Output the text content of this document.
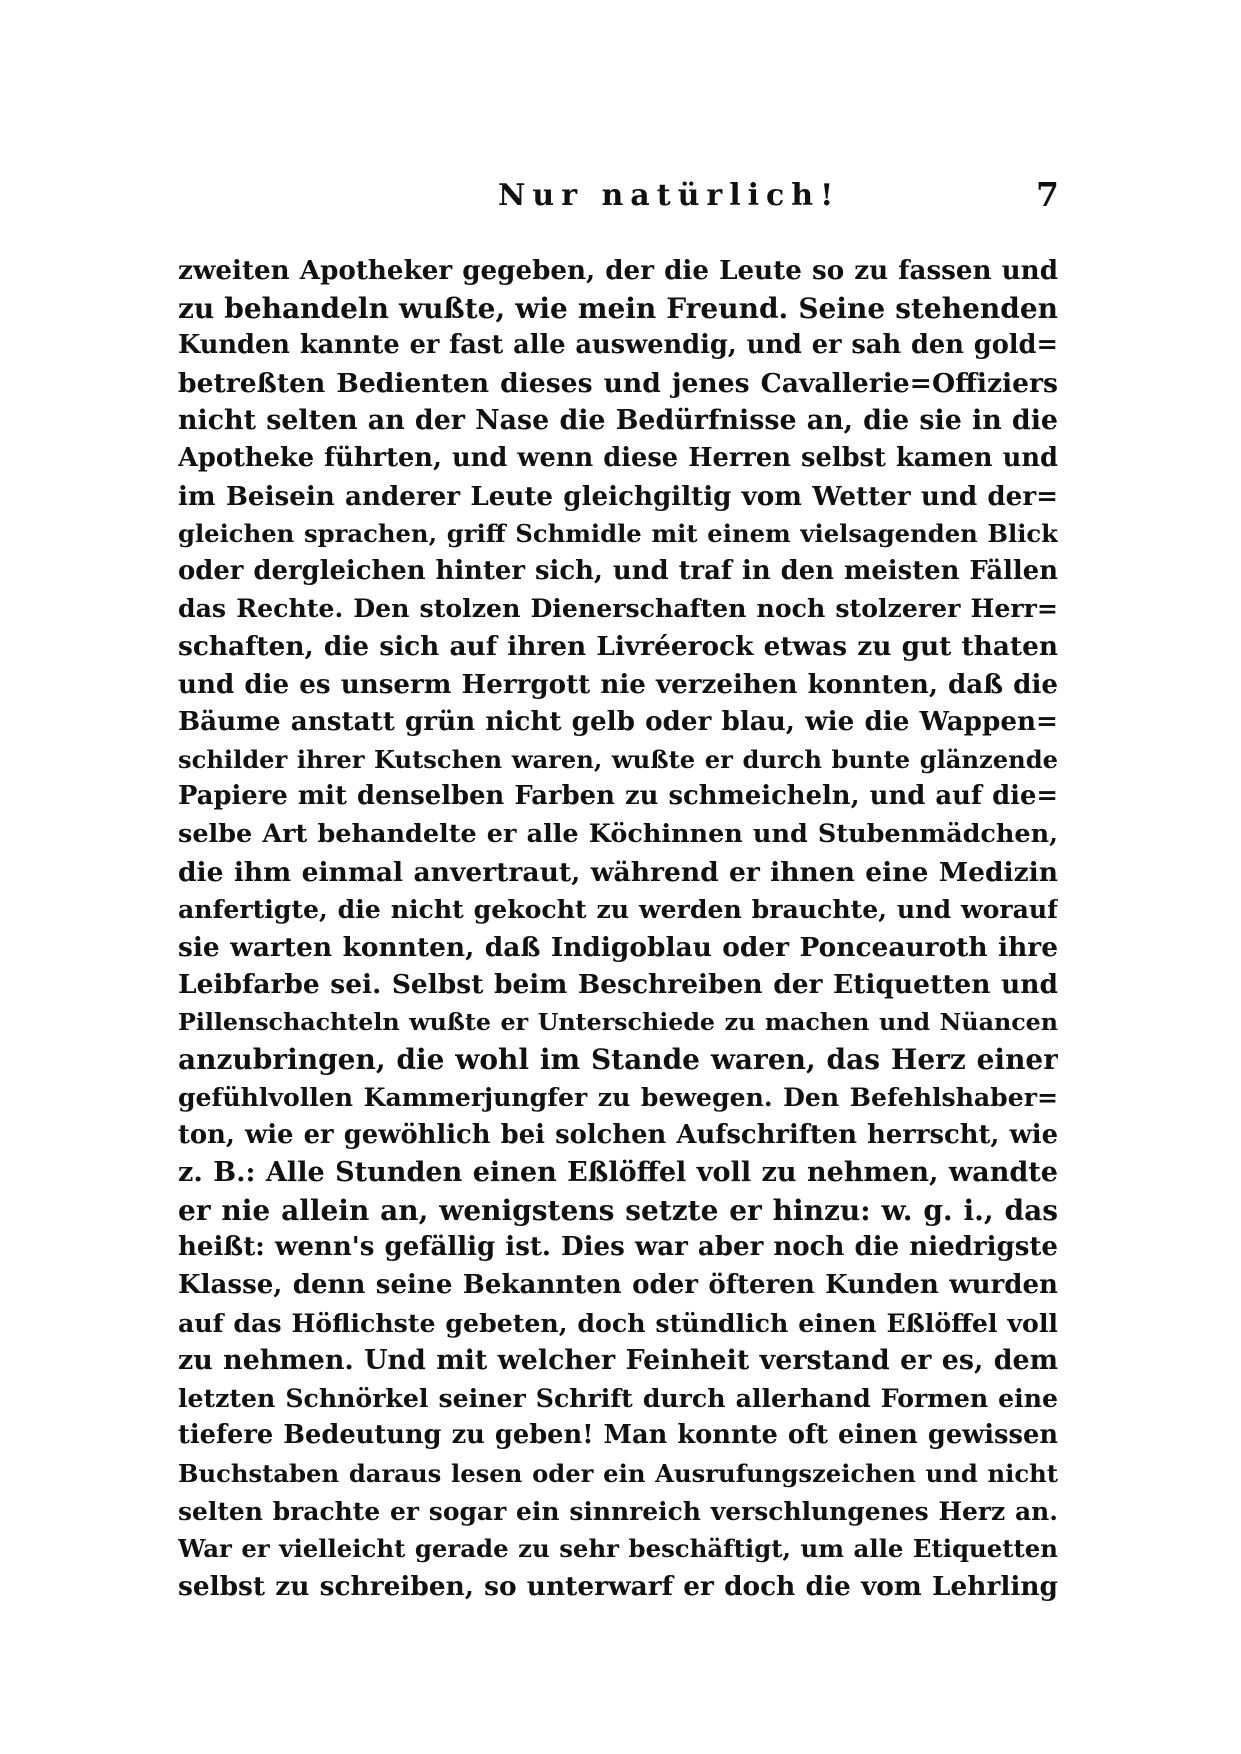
Nur natürlich!	7
zweiten Apotheker gegeben, der die Leute so zu fassen und
zu behandeln wußte, wie mein Freund. Seine stehenden
Kunden kannte er fast alle auswendig, und er sah den gold=
betreßten Bedienten dieses und jenes Cavallerie=Offiziers
nicht selten an der Nase die Bedürfnisse an, die sie in die
Apotheke führten, und wenn diese Herren selbst kamen und
im Beisein anderer Leute gleichgiltig vom Wetter und der=
gleichen sprachen, griff Schmidle mit einem vielsagenden Blick
oder dergleichen hinter sich, und traf in den meisten Fällen
das Rechte. Den stolzen Dienerschaften noch stolzerer Herr=
schaften, die sich auf ihren Livréerock etwas zu gut thaten
und die es unserm Herrgott nie verzeihen konnten, daß die
Bäume anstatt grün nicht gelb oder blau, wie die Wappen=
schilder ihrer Kutschen waren, wußte er durch bunte glänzende
Papiere mit denselben Farben zu schmeicheln, und auf die=
selbe Art behandelte er alle Köchinnen und Stubenmädchen,
die ihm einmal anvertraut, während er ihnen eine Medizin
anfertigte, die nicht gekocht zu werden brauchte, und worauf
sie warten konnten, daß Indigoblau oder Ponceauroth ihre
Leibfarbe sei. Selbst beim Beschreiben der Etiquetten und
Pillenschachteln wußte er Unterschiede zu machen und Nüancen
anzubringen, die wohl im Stande waren, das Herz einer
gefühlvollen Kammerjungfer zu bewegen. Den Befehlshaber=
ton, wie er gewöhlich bei solchen Aufschriften herrscht, wie
z. B.: Alle Stunden einen Eßlöffel voll zu nehmen, wandte
er nie allein an, wenigstens setzte er hinzu: w. g. i., das
heißt: wenn's gefällig ist. Dies war aber noch die niedrigste
Klasse, denn seine Bekannten oder öfteren Kunden wurden
auf das Höflichste gebeten, doch stündlich einen Eßlöffel voll
zu nehmen. Und mit welcher Feinheit verstand er es, dem
letzten Schnörkel seiner Schrift durch allerhand Formen eine
tiefere Bedeutung zu geben! Man konnte oft einen gewissen
Buchstaben daraus lesen oder ein Ausrufungszeichen und nicht
selten brachte er sogar ein sinnreich verschlungenes Herz an.
War er vielleicht gerade zu sehr beschäftigt, um alle Etiquetten
selbst zu schreiben, so unterwarf er doch die vom Lehrling
